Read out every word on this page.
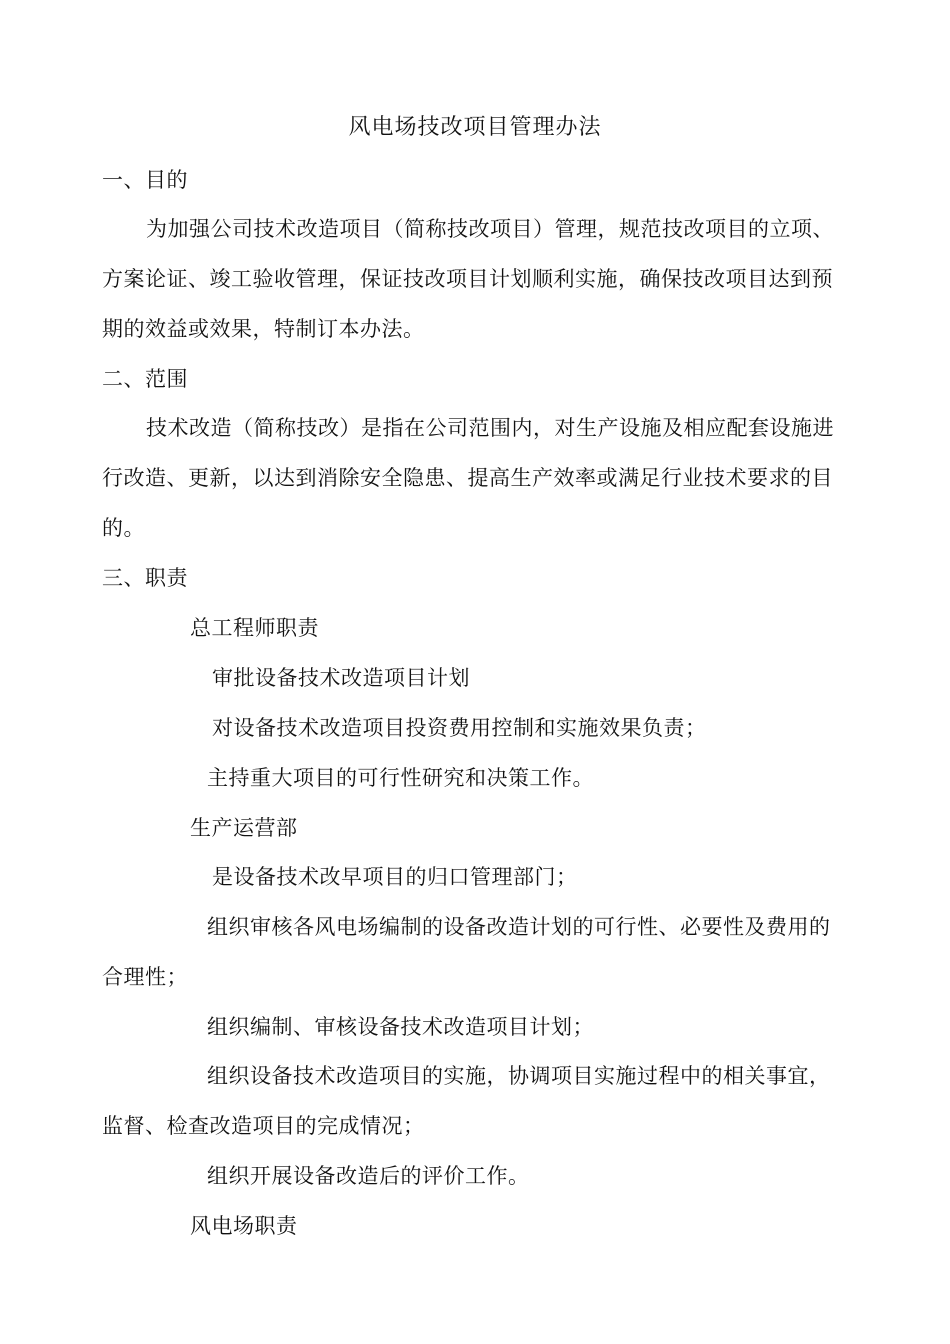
风电场技改项目管理办法
一、目的
为加强公司技术改造项目（简称技改项目）管理，规范技改项目的立项、
方案论证、竣工验收管理，保证技改项目计划顺利实施，确保技改项目达到预
期的效益或效果，特制订本办法。
二、范围
技术改造（简称技改）是指在公司范围内，对生产设施及相应配套设施进
行改造、更新，以达到消除安全隐患、提高生产效率或满足行业技术要求的目
的。
三、职责
总工程师职责
审批设备技术改造项目计划
对设备技术改造项目投资费用控制和实施效果负责；
主持重大项目的可行性研究和决策工作。
生产运营部
是设备技术改早项目的归口管理部门；
组织审核各风电场编制的设备改造计划的可行性、必要性及费用的
合理性；
组织编制、审核设备技术改造项目计划；
组织设备技术改造项目的实施，协调项目实施过程中的相关事宜，
监督、检查改造项目的完成情况；
组织开展设备改造后的评价工作。
风电场职责
